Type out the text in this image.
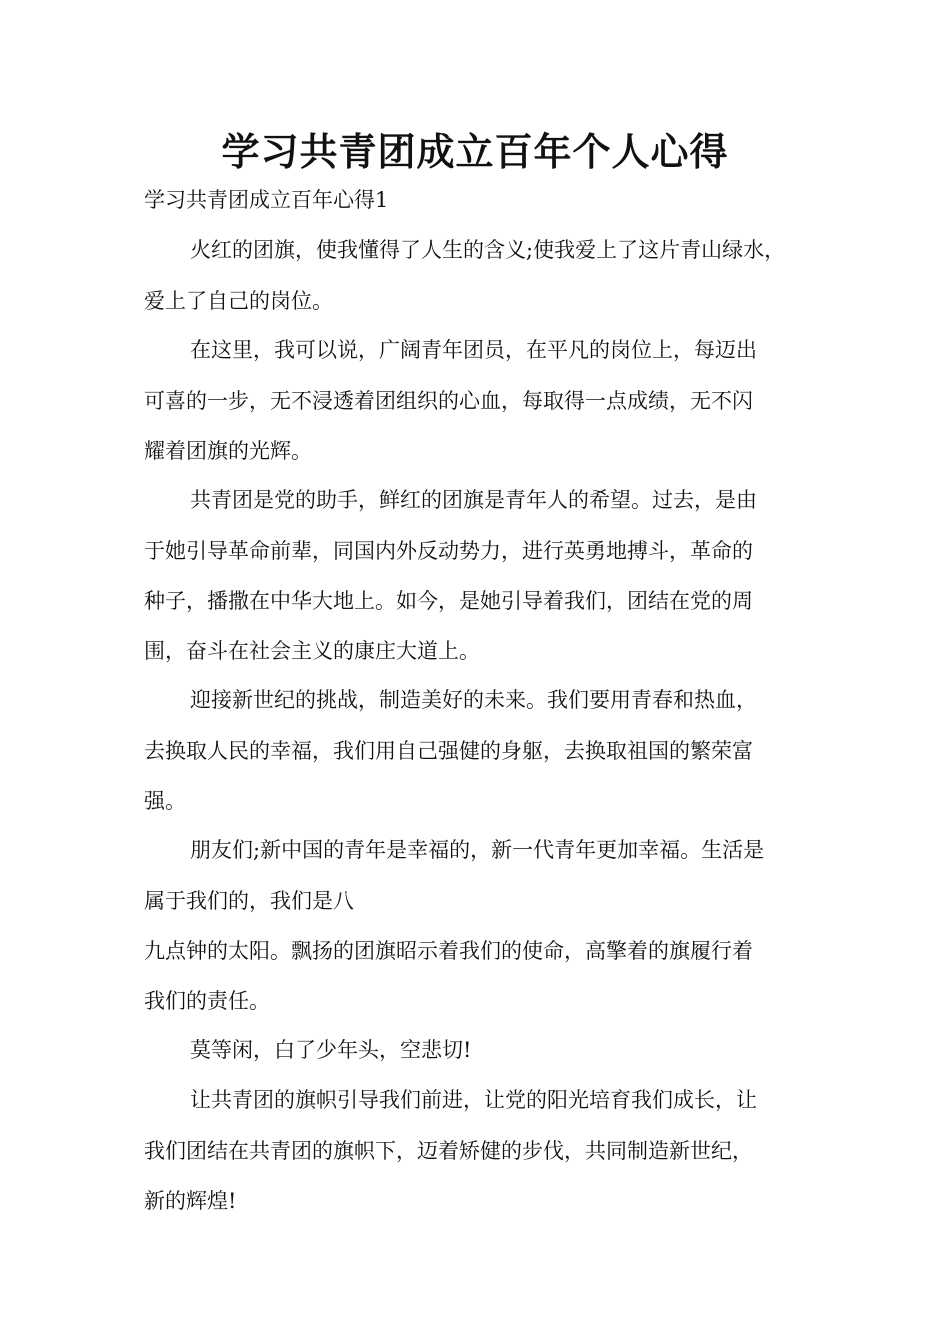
学习共青团成立百年个人心得

学习共青团成立百年心得1

火红的团旗，使我懂得了人生的含义;使我爱上了这片青山绿水，

爱上了自己的岗位。

在这里，我可以说，广阔青年团员，在平凡的岗位上，每迈出

可喜的一步，无不浸透着团组织的心血，每取得一点成绩，无不闪

耀着团旗的光辉。

共青团是党的助手，鲜红的团旗是青年人的希望。过去，是由

于她引导革命前辈，同国内外反动势力，进行英勇地搏斗，革命的

种子，播撒在中华大地上。如今，是她引导着我们，团结在党的周

围，奋斗在社会主义的康庄大道上。

迎接新世纪的挑战，制造美好的未来。我们要用青春和热血，

去换取人民的幸福，我们用自己强健的身躯，去换取祖国的繁荣富

强。

朋友们;新中国的青年是幸福的，新一代青年更加幸福。生活是

属于我们的，我们是八

九点钟的太阳。飘扬的团旗昭示着我们的使命，高擎着的旗履行着

我们的责任。

莫等闲，白了少年头，空悲切!

让共青团的旗帜引导我们前进，让党的阳光培育我们成长，让

我们团结在共青团的旗帜下，迈着矫健的步伐，共同制造新世纪，

新的辉煌!
